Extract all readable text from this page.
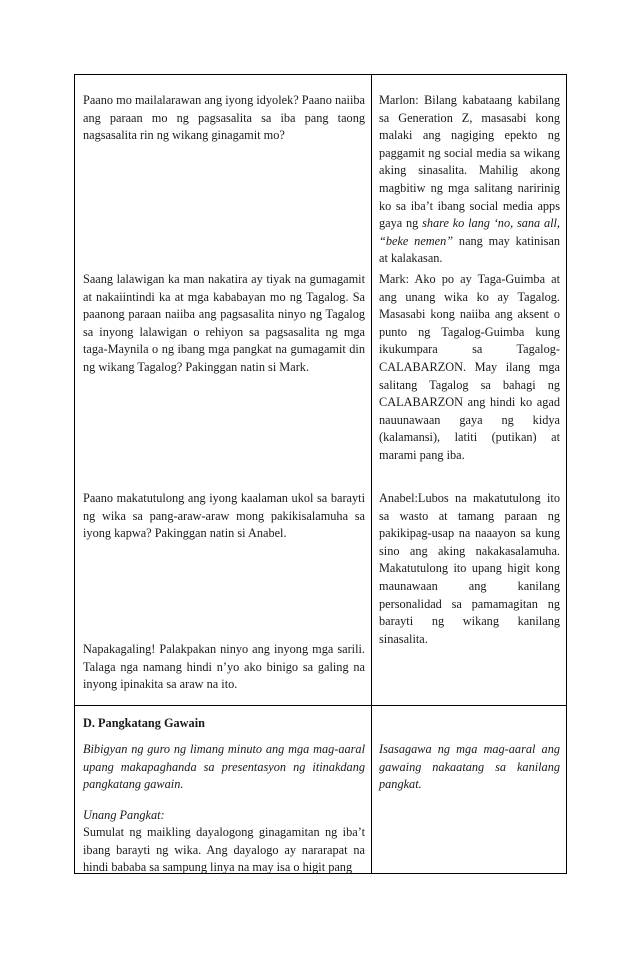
Paano mo mailalarawan ang iyong idyolek? Paano naiiba ang paraan mo ng pagsasalita sa iba pang taong nagsasalita rin ng wikang ginagamit mo?

Marlon: Bilang kabataang kabilang sa Generation Z, masasabi kong malaki ang nagiging epekto ng paggamit ng social media sa wikang aking sinasalita. Mahilig akong magbitiw ng mga salitang naririnig ko sa iba’t ibang social media apps gaya ng share ko lang ‘no, sana all, “beke nemen” nang may katinisan at kalakasan.

Saang lalawigan ka man nakatira ay tiyak na gumagamit at nakaiintindi ka at mga kababayan mo ng Tagalog. Sa paanong paraan naiiba ang pagsasalita ninyo ng Tagalog sa inyong lalawigan o rehiyon sa pagsasalita ng mga taga-Maynila o ng ibang mga pangkat na gumagamit din ng wikang Tagalog? Pakinggan natin si Mark.

Mark: Ako po ay Taga-Guimba at ang unang wika ko ay Tagalog. Masasabi kong naiiba ang aksent o punto ng Tagalog-Guimba kung ikukumpara sa Tagalog-CALABARZON. May ilang mga salitang Tagalog sa bahagi ng CALABARZON ang hindi ko agad nauunawaan gaya ng kidya (kalamansi), latiti (putikan) at marami pang iba.

Paano makatutulong ang iyong kaalaman ukol sa barayti ng wika sa pang-araw-araw mong pakikisalamuha sa iyong kapwa? Pakinggan natin si Anabel.

Anabel:Lubos na makatutulong ito sa wasto at tamang paraan ng pakikipag-usap na naaayon sa kung sino ang aking nakakasalamuha. Makatutulong ito upang higit kong maunawaan ang kanilang personalidad sa pamamagitan ng barayti ng wikang kanilang sinasalita.

Napakagaling! Palakpakan ninyo ang inyong mga sarili. Talaga nga namang hindi n’yo ako binigo sa galing na inyong ipinakita sa araw na ito.

D. Pangkatang Gawain

Bibigyan ng guro ng limang minuto ang mga mag-aaral upang makapaghanda sa presentasyon ng itinakdang pangkatang gawain.

Unang Pangkat:

Sumulat ng maikling dayalogong ginagamitan ng iba’t ibang barayti ng wika. Ang dayalogo ay nararapat na hindi bababa sa sampung linya na may isa o higit pang

Isasagawa ng mga mag-aaral ang gawaing nakaatang sa kanilang pangkat.
